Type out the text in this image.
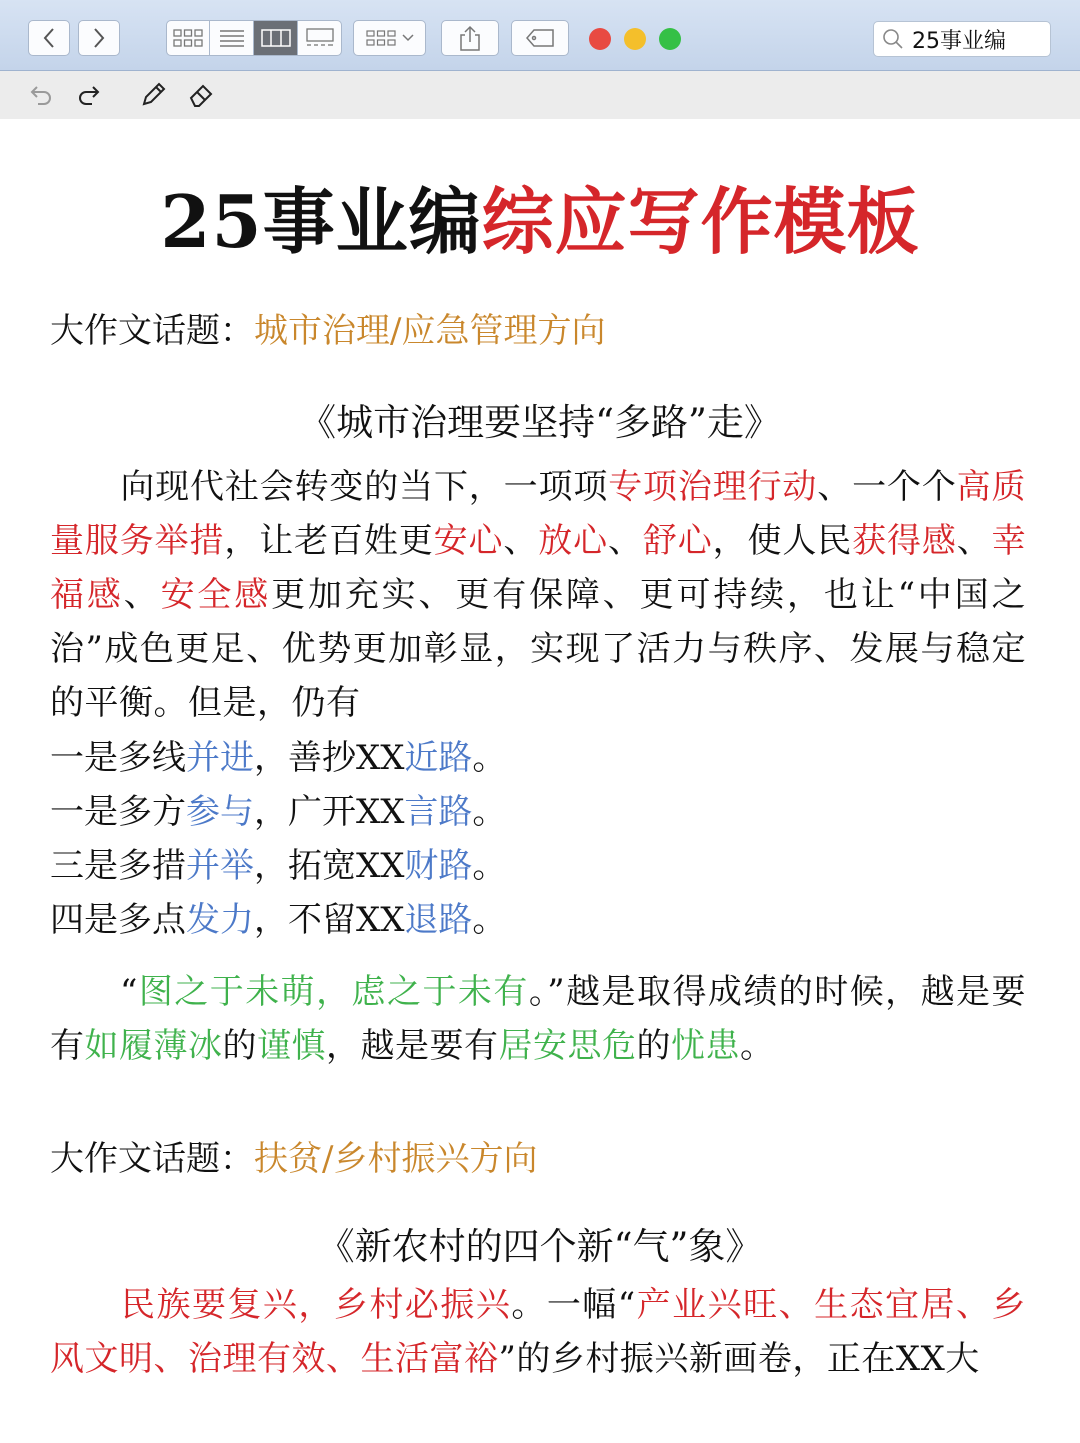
25事业编
25事业编综应写作模板
大作文话题：城市治理/应急管理方向
《城市治理要坚持“多路”走》
向现代社会转变的当下，一项项专项治理行动、一个个高质量服务举措，让老百姓更安心、放心、舒心，使人民获得感、幸福感、安全感更加充实、更有保障、更可持续，也让“中国之治”成色更足、优势更加彰显，实现了活力与秩序、发展与稳定的平衡。但是，仍有
一是多线并进，善抄XX近路。
一是多方参与，广开XX言路。
三是多措并举，拓宽XX财路。
四是多点发力，不留XX退路。
“图之于未萌，虑之于未有。”越是取得成绩的时候，越是要有如履薄冰的谨慎，越是要有居安思危的忧患。
大作文话题：扶贫/乡村振兴方向
《新农村的四个新“气”象》
民族要复兴，乡村必振兴。一幅“产业兴旺、生态宜居、乡风文明、治理有效、生活富裕”的乡村振兴新画卷，正在XX大
